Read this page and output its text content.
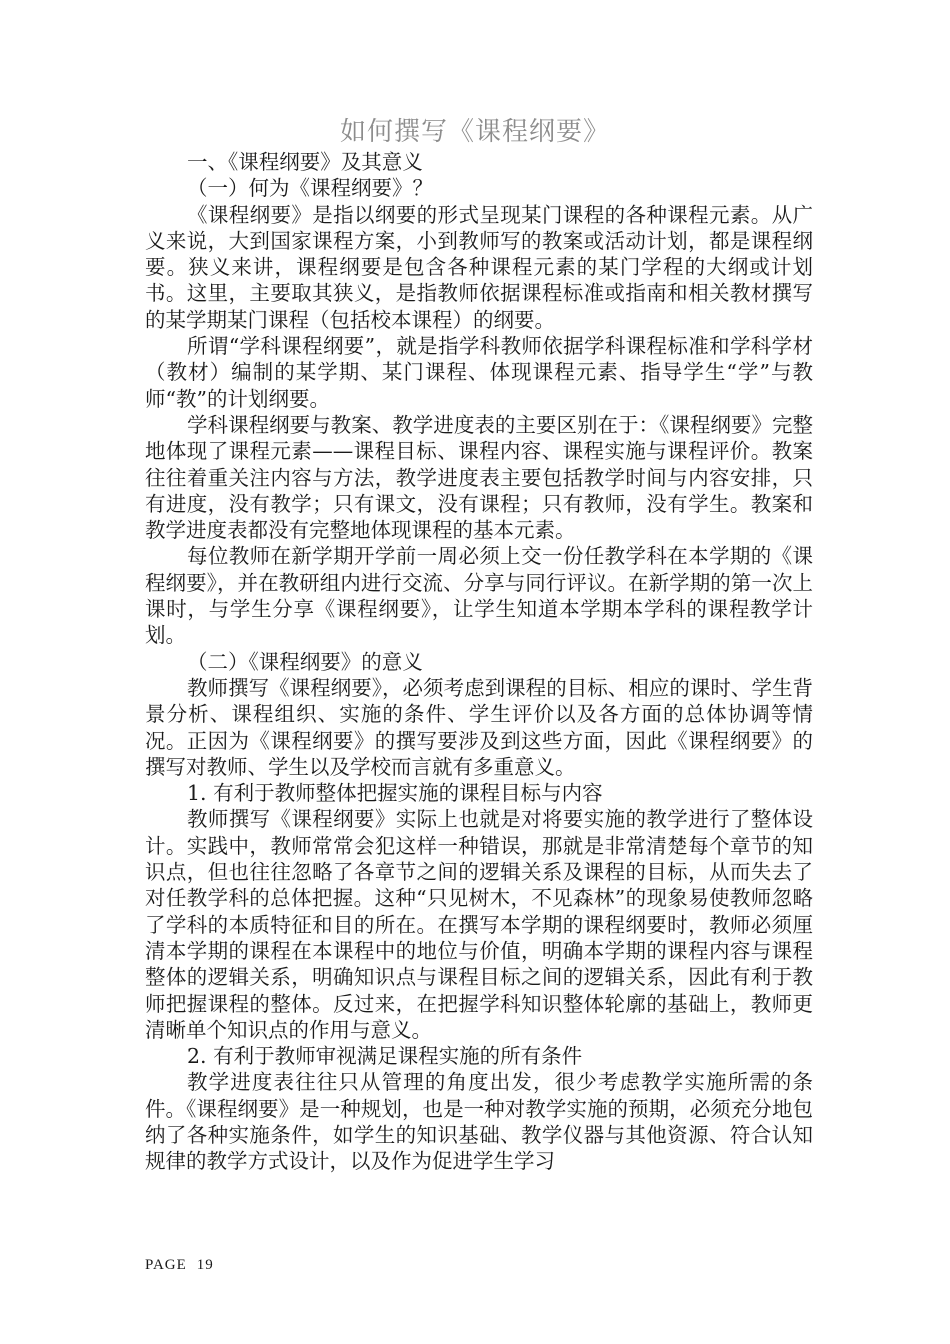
如何撰写《课程纲要》

一、《课程纲要》及其意义

（一）何为《课程纲要》？

《课程纲要》是指以纲要的形式呈现某门课程的各种课程元素。从广义来说，大到国家课程方案，小到教师写的教案或活动计划，都是课程纲要。狭义来讲，课程纲要是包含各种课程元素的某门学程的大纲或计划书。这里，主要取其狭义，是指教师依据课程标准或指南和相关教材撰写的某学期某门课程（包括校本课程）的纲要。

所谓“学科课程纲要”，就是指学科教师依据学科课程标准和学科学材（教材）编制的某学期、某门课程、体现课程元素、指导学生“学”与教师“教”的计划纲要。

学科课程纲要与教案、教学进度表的主要区别在于：《课程纲要》完整地体现了课程元素——课程目标、课程内容、课程实施与课程评价。教案往往着重关注内容与方法，教学进度表主要包括教学时间与内容安排，只有进度，没有教学；只有课文，没有课程；只有教师，没有学生。教案和教学进度表都没有完整地体现课程的基本元素。

每位教师在新学期开学前一周必须上交一份任教学科在本学期的《课程纲要》，并在教研组内进行交流、分享与同行评议。在新学期的第一次上课时，与学生分享《课程纲要》，让学生知道本学期本学科的课程教学计划。

（二）《课程纲要》的意义

教师撰写《课程纲要》，必须考虑到课程的目标、相应的课时、学生背景分析、课程组织、实施的条件、学生评价以及各方面的总体协调等情况。正因为《课程纲要》的撰写要涉及到这些方面，因此《课程纲要》的撰写对教师、学生以及学校而言就有多重意义。

1. 有利于教师整体把握实施的课程目标与内容

教师撰写《课程纲要》实际上也就是对将要实施的教学进行了整体设计。实践中，教师常常会犯这样一种错误，那就是非常清楚每个章节的知识点，但也往往忽略了各章节之间的逻辑关系及课程的目标，从而失去了对任教学科的总体把握。这种“只见树木，不见森林”的现象易使教师忽略了学科的本质特征和目的所在。在撰写本学期的课程纲要时，教师必须厘清本学期的课程在本课程中的地位与价值，明确本学期的课程内容与课程整体的逻辑关系，明确知识点与课程目标之间的逻辑关系，因此有利于教师把握课程的整体。反过来，在把握学科知识整体轮廓的基础上，教师更清晰单个知识点的作用与意义。

2. 有利于教师审视满足课程实施的所有条件

教学进度表往往只从管理的角度出发，很少考虑教学实施所需的条件。《课程纲要》是一种规划，也是一种对教学实施的预期，必须充分地包纳了各种实施条件，如学生的知识基础、教学仪器与其他资源、符合认知规律的教学方式设计，以及作为促进学生学习

PAGE 19
